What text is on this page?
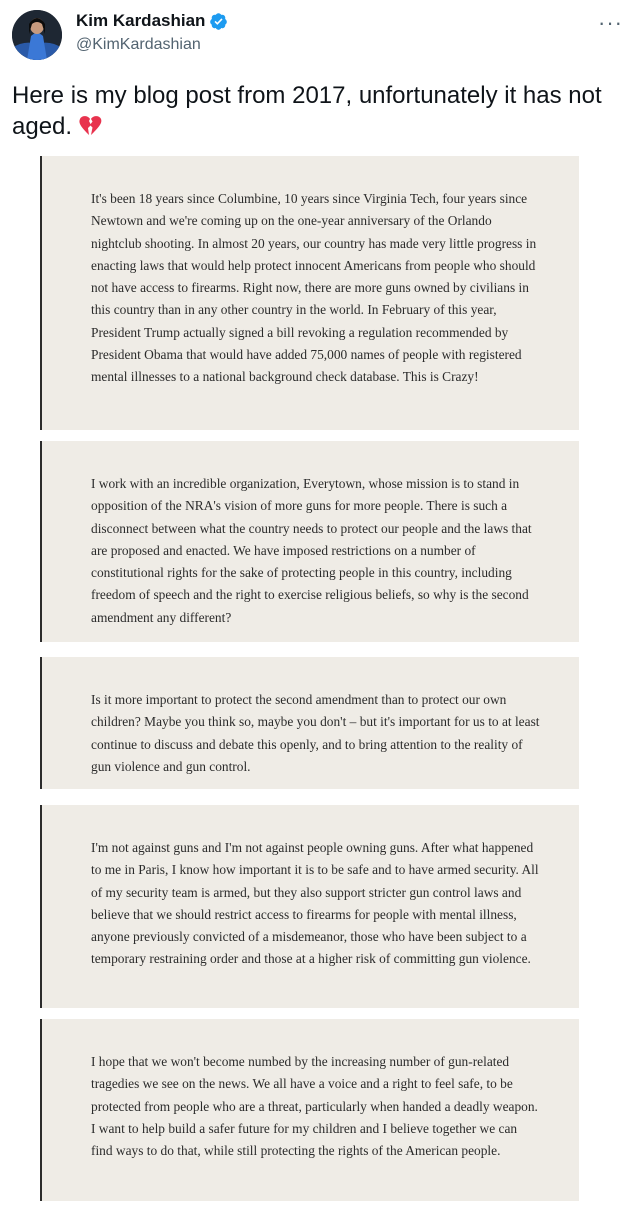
Kim Kardashian
@KimKardashian
···
Here is my blog post from 2017, unfortunately it has not aged.

It's been 18 years since Columbine, 10 years since Virginia Tech, four years since Newtown and we're coming up on the one-year anniversary of the Orlando nightclub shooting. In almost 20 years, our country has made very little progress in enacting laws that would help protect innocent Americans from people who should not have access to firearms. Right now, there are more guns owned by civilians in this country than in any other country in the world. In February of this year, President Trump actually signed a bill revoking a regulation recommended by President Obama that would have added 75,000 names of people with registered mental illnesses to a national background check database. This is Crazy!

I work with an incredible organization, Everytown, whose mission is to stand in opposition of the NRA's vision of more guns for more people. There is such a disconnect between what the country needs to protect our people and the laws that are proposed and enacted. We have imposed restrictions on a number of constitutional rights for the sake of protecting people in this country, including freedom of speech and the right to exercise religious beliefs, so why is the second amendment any different?

Is it more important to protect the second amendment than to protect our own children? Maybe you think so, maybe you don't – but it's important for us to at least continue to discuss and debate this openly, and to bring attention to the reality of gun violence and gun control.

I'm not against guns and I'm not against people owning guns. After what happened to me in Paris, I know how important it is to be safe and to have armed security. All of my security team is armed, but they also support stricter gun control laws and believe that we should restrict access to firearms for people with mental illness, anyone previously convicted of a misdemeanor, those who have been subject to a temporary restraining order and those at a higher risk of committing gun violence.

I hope that we won't become numbed by the increasing number of gun-related tragedies we see on the news. We all have a voice and a right to feel safe, to be protected from people who are a threat, particularly when handed a deadly weapon. I want to help build a safer future for my children and I believe together we can find ways to do that, while still protecting the rights of the American people.
